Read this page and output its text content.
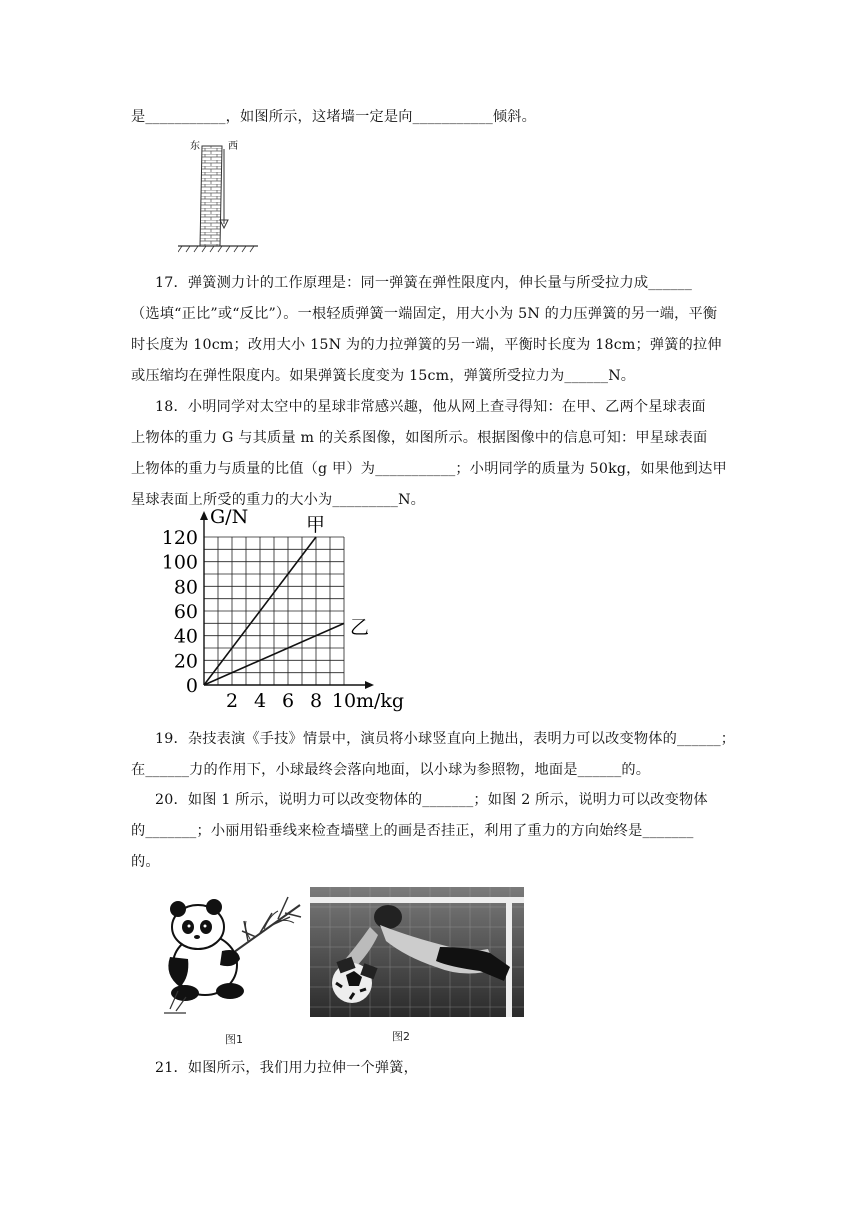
是___________，如图所示，这堵墙一定是向___________倾斜。
17．弹簧测力计的工作原理是：同一弹簧在弹性限度内，伸长量与所受拉力成______
（选填“正比”或“反比”）。一根轻质弹簧一端固定，用大小为 5N 的力压弹簧的另一端，平衡
时长度为 10cm；改用大小 15N 为的力拉弹簧的另一端，平衡时长度为 18cm；弹簧的拉伸
或压缩均在弹性限度内。如果弹簧长度变为 15cm，弹簧所受拉力为______N。
18．小明同学对太空中的星球非常感兴趣，他从网上查寻得知：在甲、乙两个星球表面
上物体的重力 G 与其质量 m 的关系图像，如图所示。根据图像中的信息可知：甲星球表面
上物体的重力与质量的比值（g 甲）为___________；小明同学的质量为 50kg，如果他到达甲
星球表面上所受的重力的大小为_________N。
19．杂技表演《手技》情景中，演员将小球竖直向上抛出，表明力可以改变物体的______；
在______力的作用下，小球最终会落向地面，以小球为参照物，地面是______的。
20．如图 1 所示，说明力可以改变物体的_______；如图 2 所示，说明力可以改变物体
的_______；小丽用铅垂线来检查墙壁上的画是否挂正，利用了重力的方向始终是_______
的。
21．如图所示，我们用力拉伸一个弹簧，
东	西
0
20
40
60
80
100
120
2 4 6 8 10
G/N
m/kg
甲
乙
图1	图2
